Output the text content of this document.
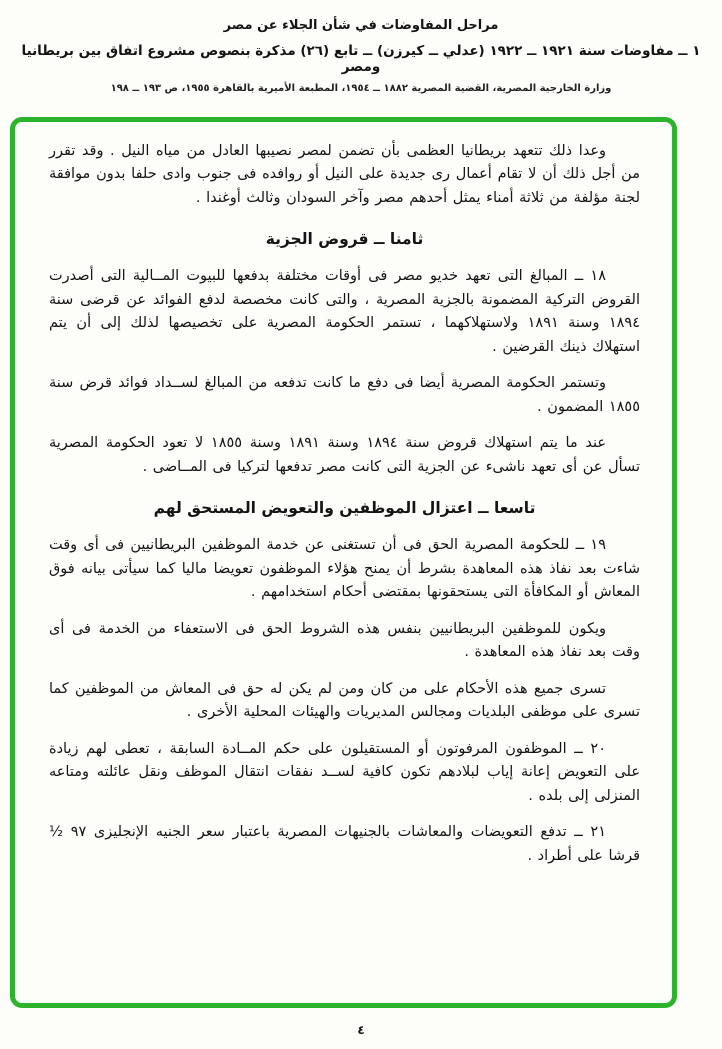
مراحل المفاوضات في شأن الجلاء عن مصر
١ ــ مفاوضات سنة ١٩٢١ ــ ١٩٢٢ (عدلي ــ كيرزن) ــ تابع (٢٦) مذكرة بنصوص مشروع اتفاق بين بريطانيا ومصر
وزارة الخارجية المصرية، القضية المصرية ١٨٨٢ ــ ١٩٥٤، المطبعة الأميرية بالقاهرة ١٩٥٥، ص ١٩٣ ــ ١٩٨

وعدا ذلك تتعهد بريطانيا العظمى بأن تضمن لمصر نصيبها العادل من مياه النيل . وقد تقرر من أجل ذلك أن لا تقام أعمال رى جديدة على النيل أو روافده فى جنوب وادى حلفا بدون موافقة لجنة مؤلفة من ثلاثة أمناء يمثل أحدهم مصر وآخر السودان وثالث أوغندا .

ثامنا ــ قروض الجزية

١٨ ــ المبالغ التى تعهد خديو مصر فى أوقات مختلفة بدفعها للبيوت المــالية التى أصدرت القروض التركية المضمونة بالجزية المصرية ، والتى كانت مخصصة لدفع الفوائد عن قرضى سنة ١٨٩٤ وسنة ١٨٩١ ولاستهلاكهما ، تستمر الحكومة المصرية على تخصيصها لذلك إلى أن يتم استهلاك ذينك القرضين .

وتستمر الحكومة المصرية أيضا فى دفع ما كانت تدفعه من المبالغ لســداد فوائد قرض سنة ١٨٥٥ المضمون .

عند ما يتم استهلاك قروض سنة ١٨٩٤ وسنة ١٨٩١ وسنة ١٨٥٥ لا تعود الحكومة المصرية تسأل عن أى تعهد ناشىء عن الجزية التى كانت مصر تدفعها لتركيا فى المــاضى .

تاسعا ــ اعتزال الموظفين والتعويض المستحق لهم

١٩ ــ للحكومة المصرية الحق فى أن تستغنى عن خدمة الموظفين البريطانيين فى أى وقت شاءت بعد نفاذ هذه المعاهدة بشرط أن يمنح هؤلاء الموظفون تعويضا ماليا كما سيأتى بيانه فوق المعاش أو المكافأة التى يستحقونها بمقتضى أحكام استخدامهم .

ويكون للموظفين البريطانيين بنفس هذه الشروط الحق فى الاستعفاء من الخدمة فى أى وقت بعد نفاذ هذه المعاهدة .

تسرى جميع هذه الأحكام على من كان ومن لم يكن له حق فى المعاش من الموظفين كما تسرى على موظفى البلديات ومجالس المديريات والهيئات المحلية الأخرى .

٢٠ ــ الموظفون المرفوتون أو المستقيلون على حكم المــادة السابقة ، تعطى لهم زيادة على التعويض إعانة إياب لبلادهم تكون كافية لســد نفقات انتقال الموظف ونقل عائلته ومتاعه المنزلى إلى بلده .

٢١ ــ تدفع التعويضات والمعاشات بالجنيهات المصرية باعتبار سعر الجنيه الإنجليزى ٩٧ ½ قرشا على أطراد .

٤
